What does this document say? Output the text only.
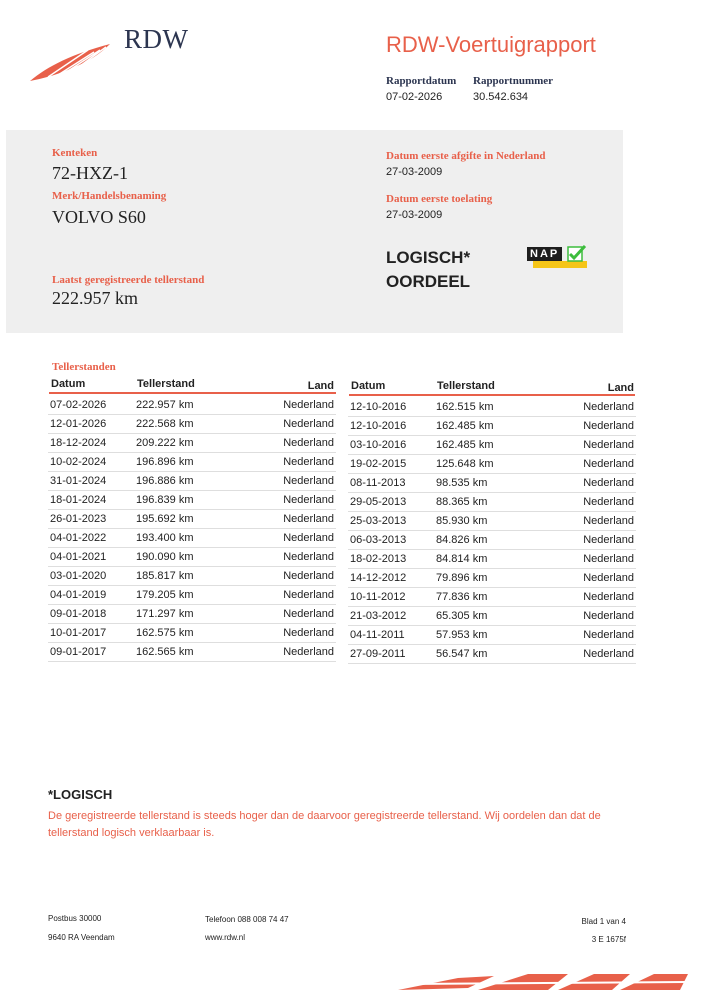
RDW	RDW-Voertuigrapport
Rapportdatum
07-02-2026
Rapportnummer
30.542.634
Kenteken
72-HXZ-1
Merk/Handelsbenaming
VOLVO S60
Datum eerste afgifte in Nederland
27-03-2009
Datum eerste toelating
27-03-2009
LOGISCH*
OORDEEL
NAP
Laatst geregistreerde tellerstand
222.957 km
Tellerstanden
Datum	Tellerstand	Land Datum	Tellerstand	Land
07-02-2026	222.957 km	Nederland
12-01-2026	222.568 km	Nederland
18-12-2024	209.222 km	Nederland
10-02-2024	196.896 km	Nederland
31-01-2024	196.886 km	Nederland
18-01-2024	196.839 km	Nederland
26-01-2023	195.692 km	Nederland
04-01-2022	193.400 km	Nederland
04-01-2021	190.090 km	Nederland
03-01-2020	185.817 km	Nederland
04-01-2019	179.205 km	Nederland
09-01-2018	171.297 km	Nederland
10-01-2017	162.575 km	Nederland
09-01-2017	162.565 km	Nederland
12-10-2016	162.515 km	Nederland
12-10-2016	162.485 km	Nederland
03-10-2016	162.485 km	Nederland
19-02-2015	125.648 km	Nederland
08-11-2013	98.535 km	Nederland
29-05-2013	88.365 km	Nederland
25-03-2013	85.930 km	Nederland
06-03-2013	84.826 km	Nederland
18-02-2013	84.814 km	Nederland
14-12-2012	79.896 km	Nederland
10-11-2012	77.836 km	Nederland
21-03-2012	65.305 km	Nederland
04-11-2011	57.953 km	Nederland
27-09-2011	56.547 km	Nederland
*LOGISCH
De geregistreerde tellerstand is steeds hoger dan de daarvoor geregistreerde tellerstand. Wij oordelen dan dat de tellerstand logisch verklaarbaar is.
Postbus 30000
9640 RA Veendam
Telefoon 088 008 74 47
www.rdw.nl
Blad 1 van 4
3 E 1675f
